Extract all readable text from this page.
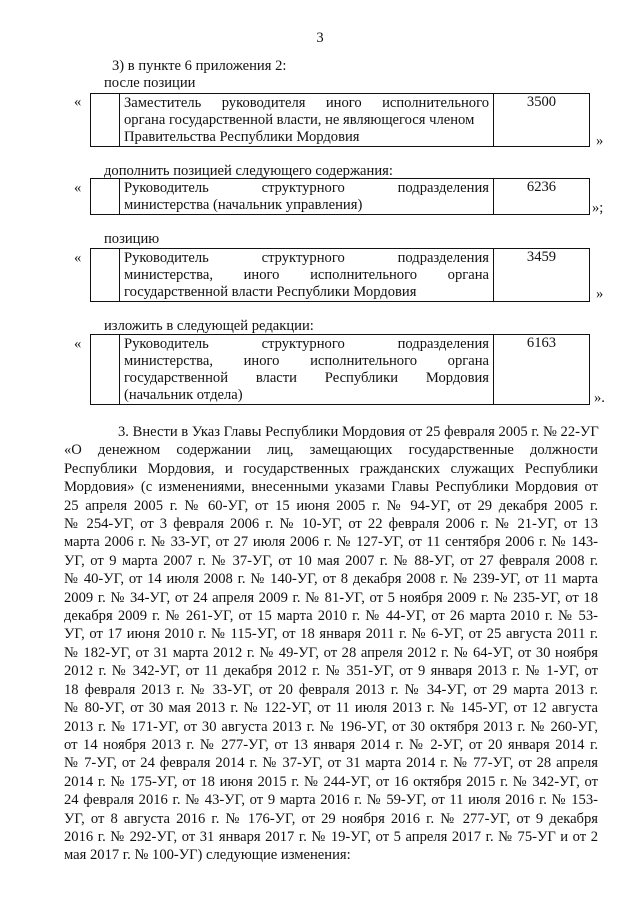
3
3) в пункте 6 приложения 2:
после позиции
«
		Заместитель руководителя иного исполнительного
органа государственной власти, не являющегося членом
Правительства Республики Мордовия
	3500
»
дополнить позицией следующего содержания:
«
		Руководитель структурного подразделения
министерства (начальник управления)
	6236
»;
позицию
«
		Руководитель структурного подразделения
министерства, иного исполнительного органа
государственной власти Республики Мордовия
	3459
»
изложить в следующей редакции:
«
		Руководитель структурного подразделения
министерства, иного исполнительного органа
государственной власти Республики Мордовия
(начальник отдела)
	6163
».
3. Внести в Указ Главы Республики Мордовия от 25 февраля 2005 г. № 22-УГ
«О денежном содержании лиц, замещающих государственные должности
Республики Мордовия, и государственных гражданских служащих Республики
Мордовия» (с изменениями, внесенными указами Главы Республики Мордовия от
25 апреля 2005 г. № 60-УГ, от 15 июня 2005 г. № 94-УГ, от 29 декабря 2005 г.
№ 254-УГ, от 3 февраля 2006 г. № 10-УГ, от 22 февраля 2006 г. № 21-УГ, от 13
марта 2006 г. № 33-УГ, от 27 июля 2006 г. № 127-УГ, от 11 сентября 2006 г. № 143-
УГ, от 9 марта 2007 г. № 37-УГ, от 10 мая 2007 г. № 88-УГ, от 27 февраля 2008 г.
№ 40-УГ, от 14 июля 2008 г. № 140-УГ, от 8 декабря 2008 г. № 239-УГ, от 11 марта
2009 г. № 34-УГ, от 24 апреля 2009 г. № 81-УГ, от 5 ноября 2009 г. № 235-УГ, от 18
декабря 2009 г. № 261-УГ, от 15 марта 2010 г. № 44-УГ, от 26 марта 2010 г. № 53-
УГ, от 17 июня 2010 г. № 115-УГ, от 18 января 2011 г. № 6-УГ, от 25 августа 2011 г.
№ 182-УГ, от 31 марта 2012 г. № 49-УГ, от 28 апреля 2012 г. № 64-УГ, от 30 ноября
2012 г. № 342-УГ, от 11 декабря 2012 г. № 351-УГ, от 9 января 2013 г. № 1-УГ, от
18 февраля 2013 г. № 33-УГ, от 20 февраля 2013 г. № 34-УГ, от 29 марта 2013 г.
№ 80-УГ, от 30 мая 2013 г. № 122-УГ, от 11 июля 2013 г. № 145-УГ, от 12 августа
2013 г. № 171-УГ, от 30 августа 2013 г. № 196-УГ, от 30 октября 2013 г. № 260-УГ,
от 14 ноября 2013 г. № 277-УГ, от 13 января 2014 г. № 2-УГ, от 20 января 2014 г.
№ 7-УГ, от 24 февраля 2014 г. № 37-УГ, от 31 марта 2014 г. № 77-УГ, от 28 апреля
2014 г. № 175-УГ, от 18 июня 2015 г. № 244-УГ, от 16 октября 2015 г. № 342-УГ, от
24 февраля 2016 г. № 43-УГ, от 9 марта 2016 г. № 59-УГ, от 11 июля 2016 г. № 153-
УГ, от 8 августа 2016 г. № 176-УГ, от 29 ноября 2016 г. № 277-УГ, от 9 декабря
2016 г. № 292-УГ, от 31 января 2017 г. № 19-УГ, от 5 апреля 2017 г. № 75-УГ и от 2
мая 2017 г. № 100-УГ) следующие изменения:
